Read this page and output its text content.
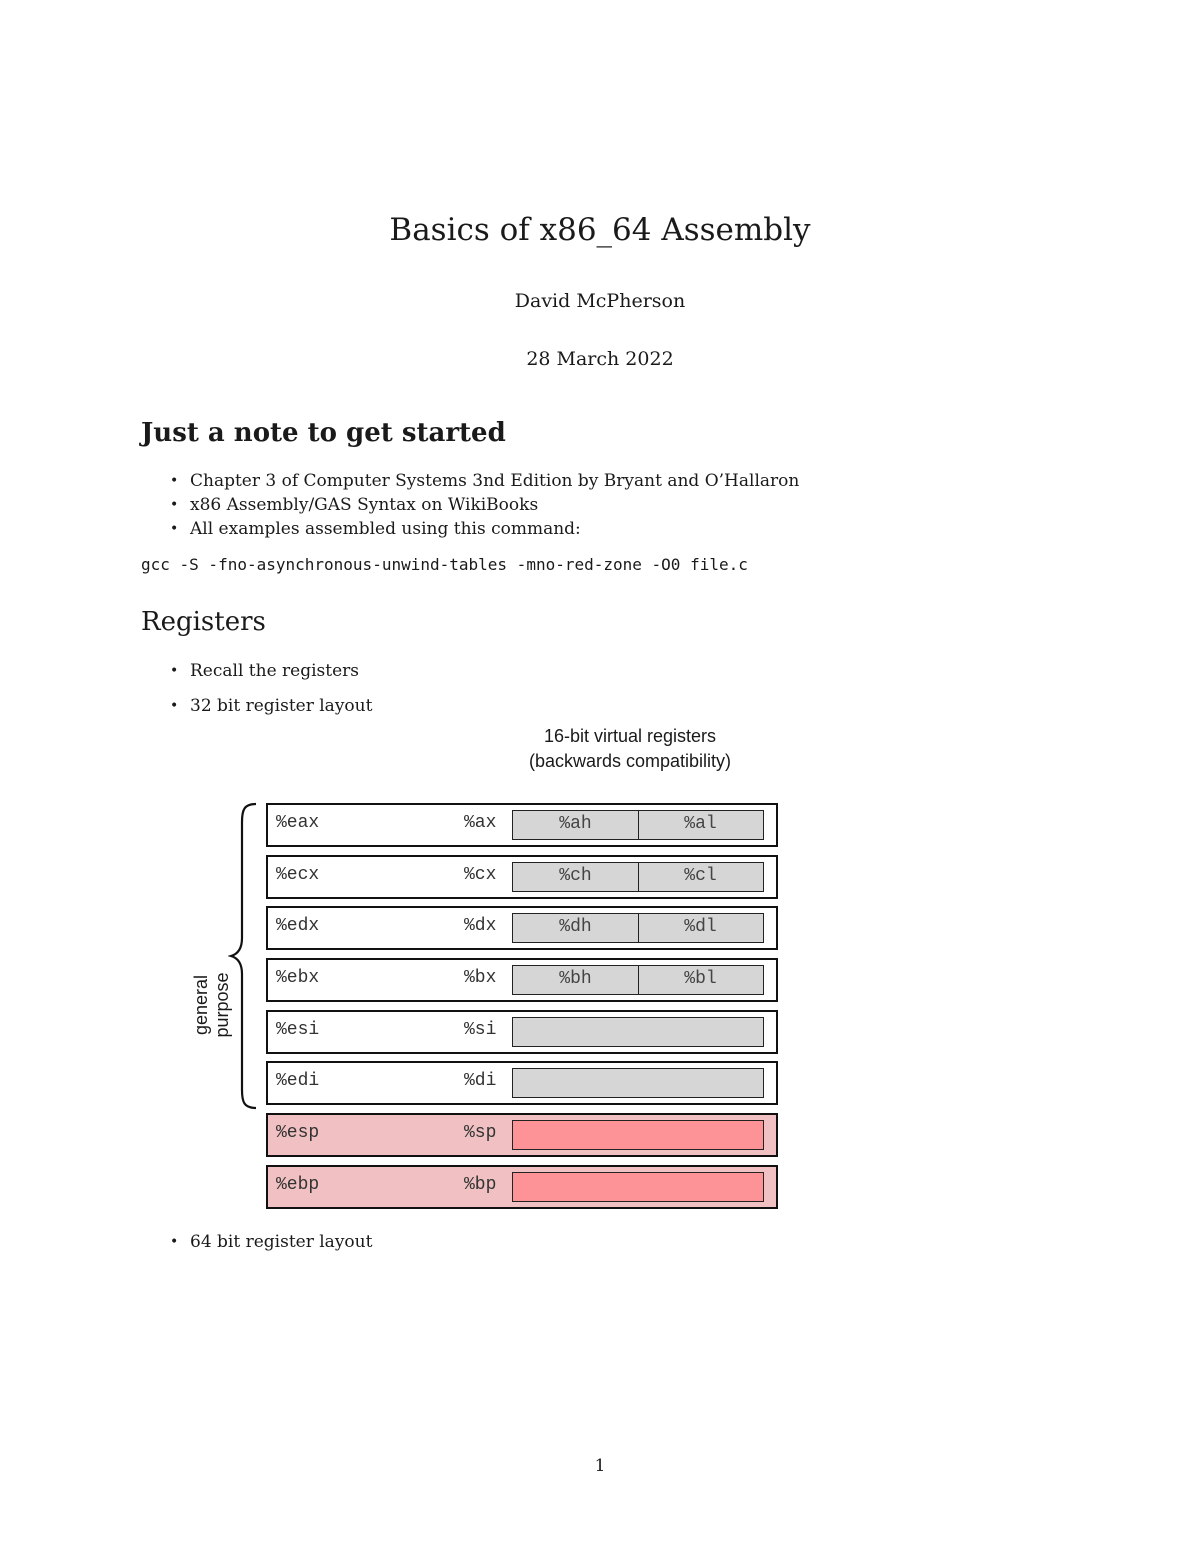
Basics of x86_64 Assembly
David McPherson
28 March 2022
Just a note to get started
• Chapter 3 of Computer Systems 3nd Edition by Bryant and O’Hallaron
• x86 Assembly/GAS Syntax on WikiBooks
• All examples assembled using this command:
gcc -S -fno-asynchronous-unwind-tables -mno-red-zone -O0 file.c
Registers
• Recall the registers
• 32 bit register layout
16-bit virtual registers
(backwards compatibility)
general purpose
%eax	%ax	%ah	%al
%ecx	%cx	%ch	%cl
%edx	%dx	%dh	%dl
%ebx	%bx	%bh	%bl
%esi	%si
%edi	%di
%esp	%sp
%ebp	%bp
• 64 bit register layout
1
